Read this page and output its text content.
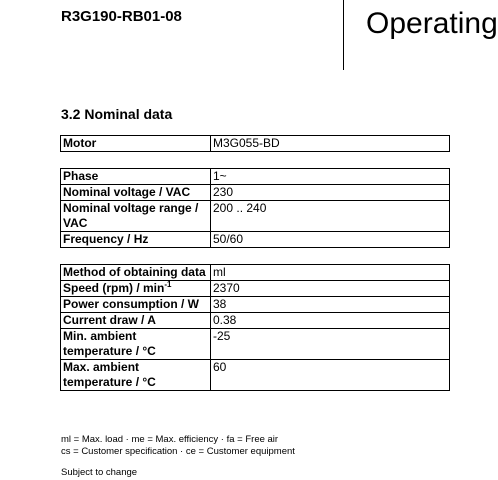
R3G190-RB01-08	Operating
3.2 Nominal data
Motor	M3G055-BD
Phase	1~
Nominal voltage / VAC	230
Nominal voltage range / VAC	200 .. 240
Frequency / Hz	50/60
Method of obtaining data	ml
Speed $(rpm) / \min^{-1}$	2370
Power consumption / W	38
Current draw / A	0.38
Min. ambient temperature / °C	-25
Max. ambient temperature / °C	60
ml = Max. load · me = Max. efficiency · fa = Free air
cs = Customer specification · ce = Customer equipment
Subject to change
